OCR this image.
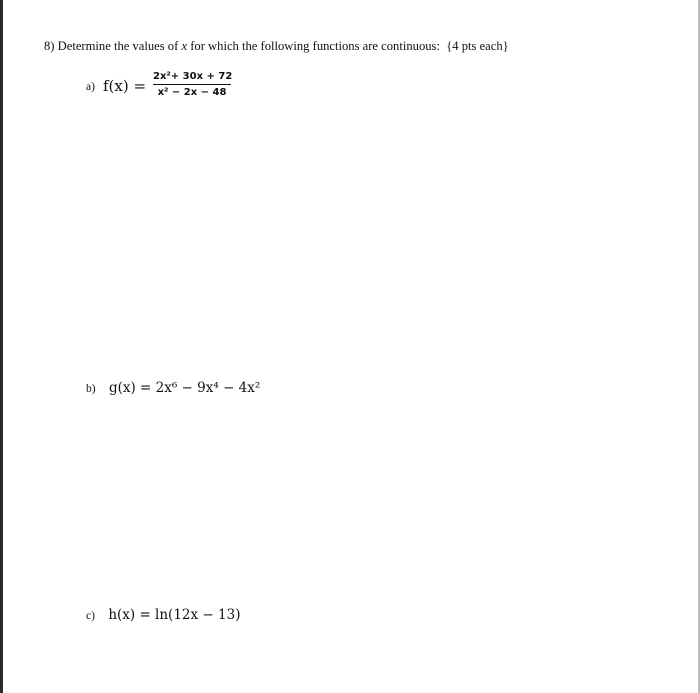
8) Determine the values of x for which the following functions are continuous: {4 pts each}
a) f(x) =
2x²+ 30x + 72
x² − 2x − 48
b) g(x) = 2x⁶ − 9x⁴ − 4x²
c) h(x) = ln(12x − 13)
